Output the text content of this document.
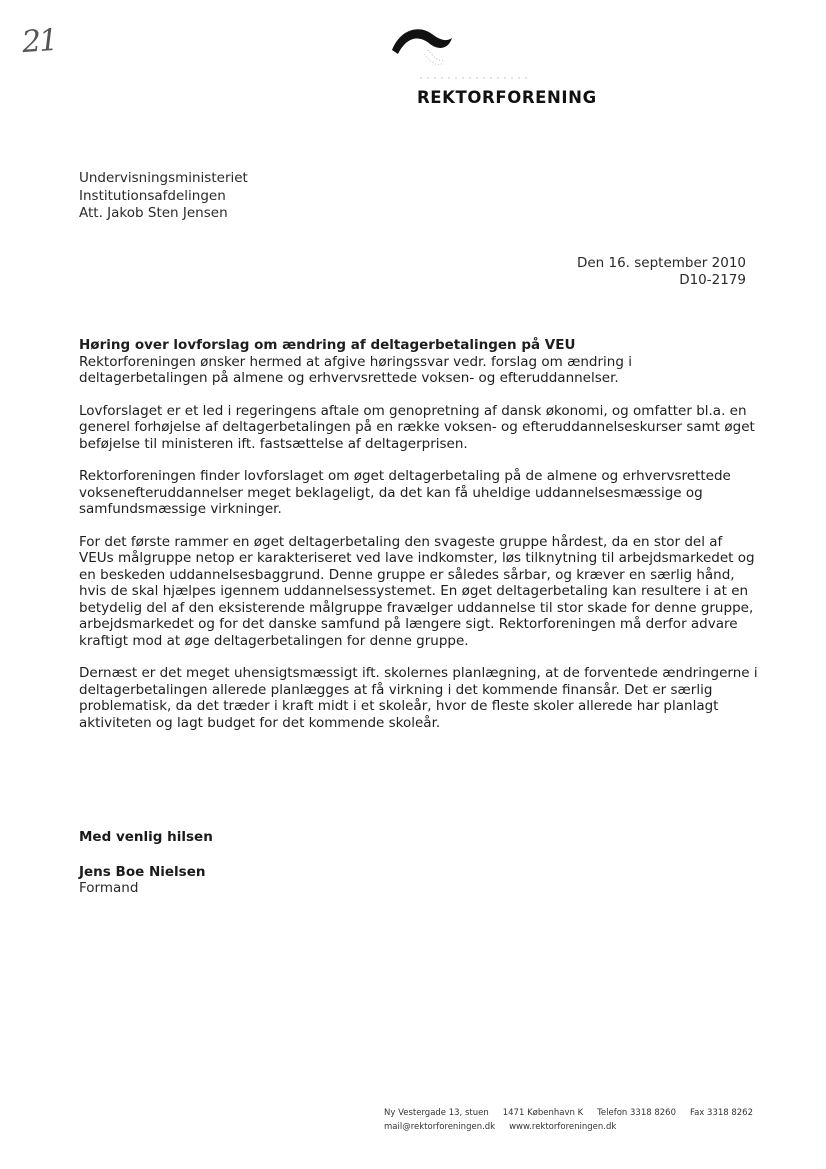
21
REKTORFORENING
Undervisningsministeriet
Institutionsafdelingen
Att. Jakob Sten Jensen
Den 16. september 2010
D10-2179
Høring over lovforslag om ændring af deltagerbetalingen på VEU

Rektorforeningen ønsker hermed at afgive høringssvar vedr. forslag om ændring i deltagerbetalingen på almene og erhvervsrettede voksen- og efteruddannelser.

Lovforslaget er et led i regeringens aftale om genopretning af dansk økonomi, og omfatter bl.a. en generel forhøjelse af deltagerbetalingen på en række voksen- og efteruddannelseskurser samt øget beføjelse til ministeren ift. fastsættelse af deltagerprisen.

Rektorforeningen finder lovforslaget om øget deltagerbetaling på de almene og erhvervsrettede voksenefteruddannelser meget beklageligt, da det kan få uheldige uddannelsesmæssige og samfundsmæssige virkninger.

For det første rammer en øget deltagerbetaling den svageste gruppe hårdest, da en stor del af VEUs målgruppe netop er karakteriseret ved lave indkomster, løs tilknytning til arbejdsmarkedet og en beskeden uddannelsesbaggrund. Denne gruppe er således sårbar, og kræver en særlig hånd, hvis de skal hjælpes igennem uddannelsessystemet. En øget deltagerbetaling kan resultere i at en betydelig del af den eksisterende målgruppe fravælger uddannelse til stor skade for denne gruppe, arbejdsmarkedet og for det danske samfund på længere sigt. Rektorforeningen må derfor advare kraftigt mod at øge deltagerbetalingen for denne gruppe.

Dernæst er det meget uhensigtsmæssigt ift. skolernes planlægning, at de forventede ændringerne i deltagerbetalingen allerede planlægges at få virkning i det kommende finansår. Det er særlig problematisk, da det træder i kraft midt i et skoleår, hvor de fleste skoler allerede har planlagt aktiviteten og lagt budget for det kommende skoleår.

Med venlig hilsen
Jens Boe Nielsen
Formand
Ny Vestergade 13, stuen 1471 København K Telefon 3318 8260 Fax 3318 8262
mail@rektorforeningen.dk www.rektorforeningen.dk
